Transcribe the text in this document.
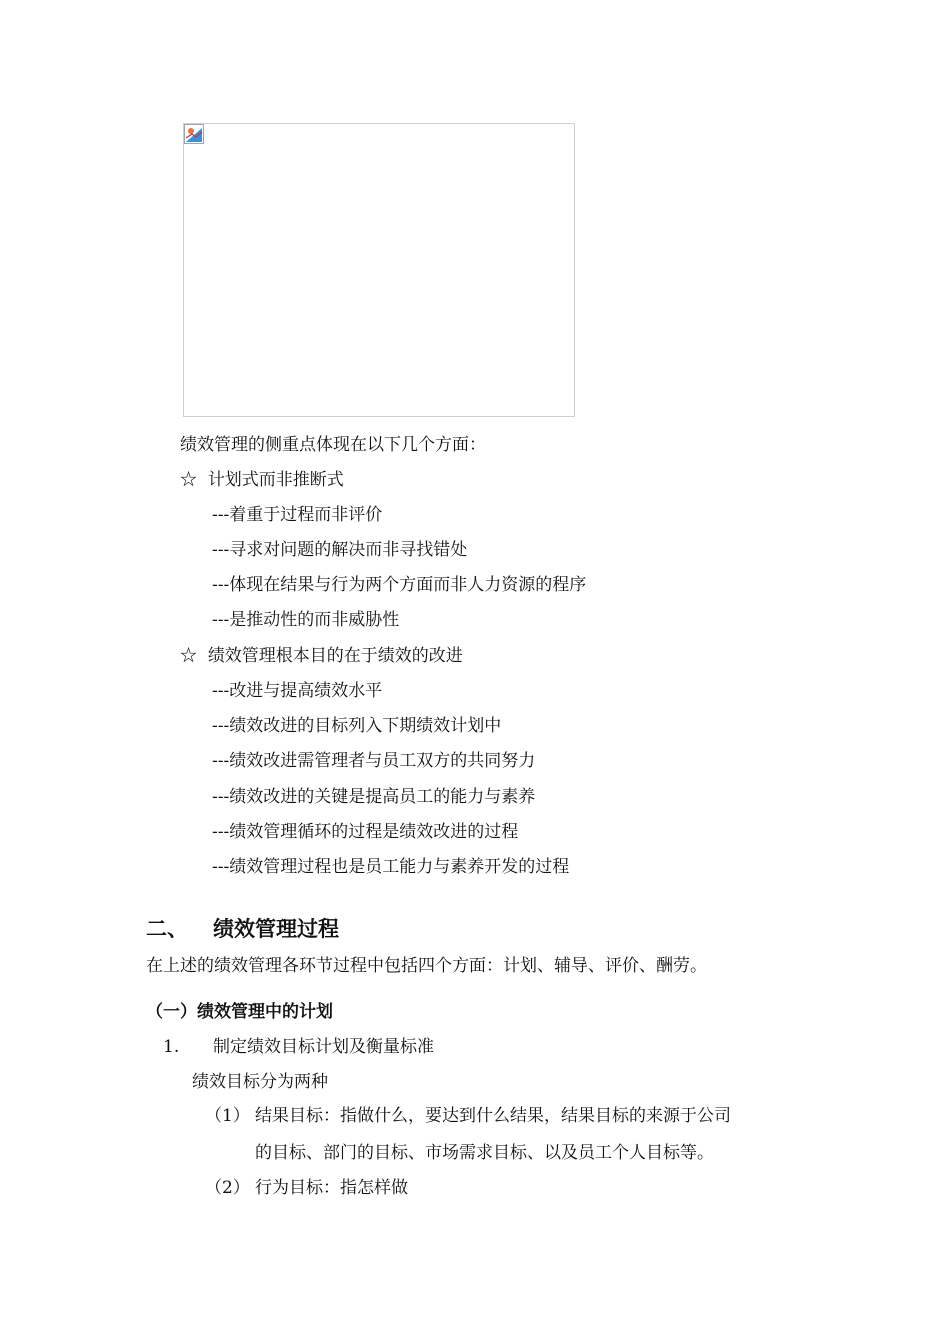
绩效管理的侧重点体现在以下几个方面：
☆ 计划式而非推断式
---着重于过程而非评价
---寻求对问题的解决而非寻找错处
---体现在结果与行为两个方面而非人力资源的程序
---是推动性的而非威胁性
☆ 绩效管理根本目的在于绩效的改进
---改进与提高绩效水平
---绩效改进的目标列入下期绩效计划中
---绩效改进需管理者与员工双方的共同努力
---绩效改进的关键是提高员工的能力与素养
---绩效管理循环的过程是绩效改进的过程
---绩效管理过程也是员工能力与素养开发的过程
二、 绩效管理过程
在上述的绩效管理各环节过程中包括四个方面：计划、辅导、评价、酬劳。
（一）绩效管理中的计划
1. 制定绩效目标计划及衡量标准
绩效目标分为两种
（1） 结果目标：指做什么，要达到什么结果，结果目标的来源于公司
的目标、部门的目标、市场需求目标、以及员工个人目标等。
（2） 行为目标：指怎样做
